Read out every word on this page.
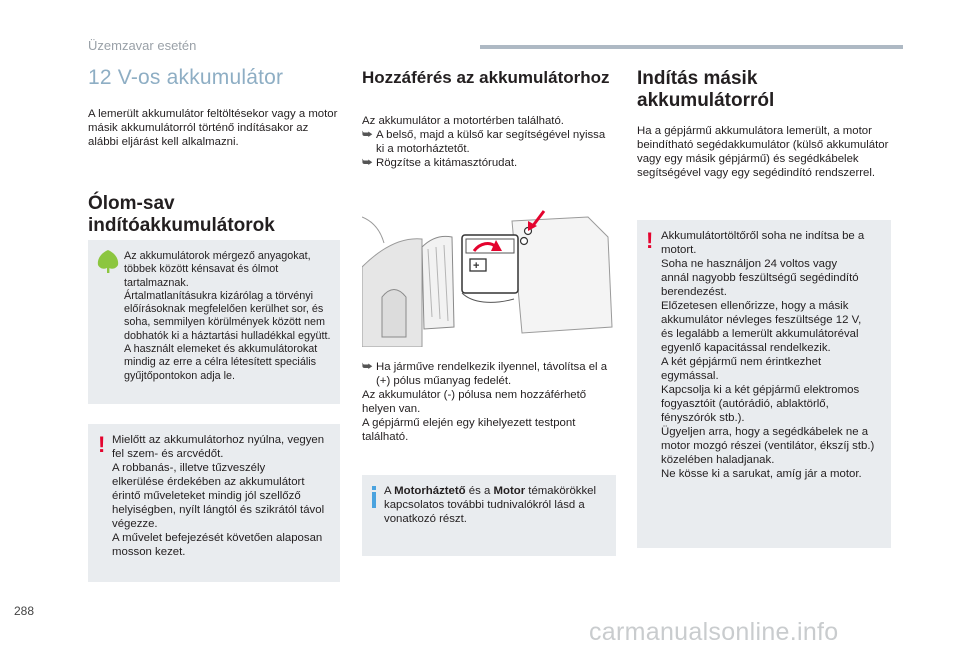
Üzemzavar esetén
12 V-os akkumulátor
A lemerült akkumulátor feltöltésekor vagy a motor másik akkumulátorról történő indításakor az alábbi eljárást kell alkalmazni.
Ólom-sav
indítóakkumulátorok
Az akkumulátorok mérgező anyagokat,
többek között kénsavat és ólmot
tartalmaznak.
Ártalmatlanításukra kizárólag a törvényi
előírásoknak megfelelően kerülhet sor, és
soha, semmilyen körülmények között nem
dobhatók ki a háztartási hulladékkal együtt.
A használt elemeket és akkumulátorokat
mindig az erre a célra létesített speciális
gyűjtőpontokon adja le.
! Mielőtt az akkumulátorhoz nyúlna, vegyen
fel szem- és arcvédőt.
A robbanás-, illetve tűzveszély
elkerülése érdekében az akkumulátort
érintő műveleteket mindig jól szellőző
helyiségben, nyílt lángtól és szikrától távol
végezze.
A művelet befejezését követően alaposan
mosson kezet.
Hozzáférés az akkumulátorhoz
Az akkumulátor a motortérben található.
⮩ A belső, majd a külső kar segítségével nyissa ki a motorháztetőt.
⮩ Rögzítse a kitámasztórudat.
+
⮩ Ha járműve rendelkezik ilyennel, távolítsa el a (+) pólus műanyag fedelét.
Az akkumulátor (-) pólusa nem hozzáférhető helyen van.
A gépjármű elején egy kihelyezett testpont található.
A Motorháztető és a Motor témakörökkel kapcsolatos további tudnivalókról lásd a vonatkozó részt.
Indítás másik
akkumulátorról
Ha a gépjármű akkumulátora lemerült, a motor beindítható segédakkumulátor (külső akkumulátor vagy egy másik gépjármű) és segédkábelek segítségével vagy egy segédindító rendszerrel.
! Akkumulátortöltőről soha ne indítsa be a
motort.
Soha ne használjon 24 voltos vagy
annál nagyobb feszültségű segédindító
berendezést.
Előzetesen ellenőrizze, hogy a másik
akkumulátor névleges feszültsége 12 V,
és legalább a lemerült akkumulátoréval
egyenlő kapacitással rendelkezik.
A két gépjármű nem érintkezhet
egymással.
Kapcsolja ki a két gépjármű elektromos
fogyasztóit (autórádió, ablaktörlő,
fényszórók stb.).
Ügyeljen arra, hogy a segédkábelek ne a
motor mozgó részei (ventilátor, ékszíj stb.)
közelében haladjanak.
Ne kösse ki a sarukat, amíg jár a motor.
288
carmanualsonline.info
